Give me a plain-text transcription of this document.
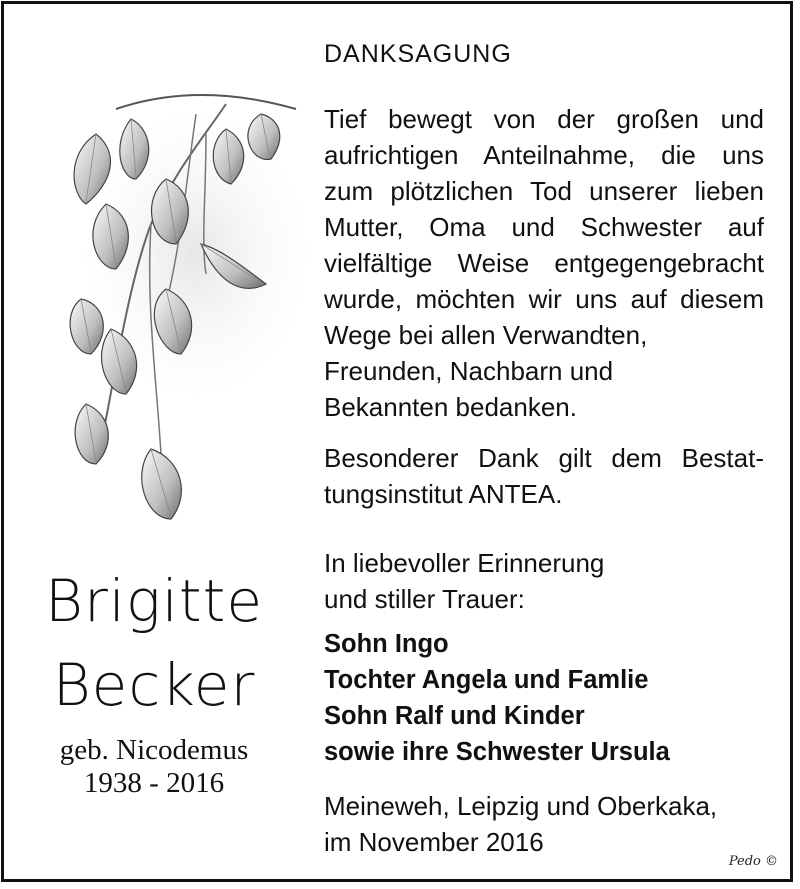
Brigitte
Becker
geb. Nicodemus
1938 - 2016
DANKSAGUNG
Tief bewegt von der großen und
aufrichtigen Anteilnahme, die uns
zum plötzlichen Tod unserer lieben
Mutter, Oma und Schwester auf
vielfältige Weise entgegengebracht
wurde, möchten wir uns auf diesem
Wege bei allen Verwandten,
Freunden, Nachbarn und
Bekannten bedanken.
Besonderer Dank gilt dem Bestat-
tungsinstitut ANTEA.
In liebevoller Erinnerung
und stiller Trauer:
Sohn Ingo
Tochter Angela und Famlie
Sohn Ralf und Kinder
sowie ihre Schwester Ursula
Meineweh, Leipzig und Oberkaka,
im November 2016
Pedo ©
